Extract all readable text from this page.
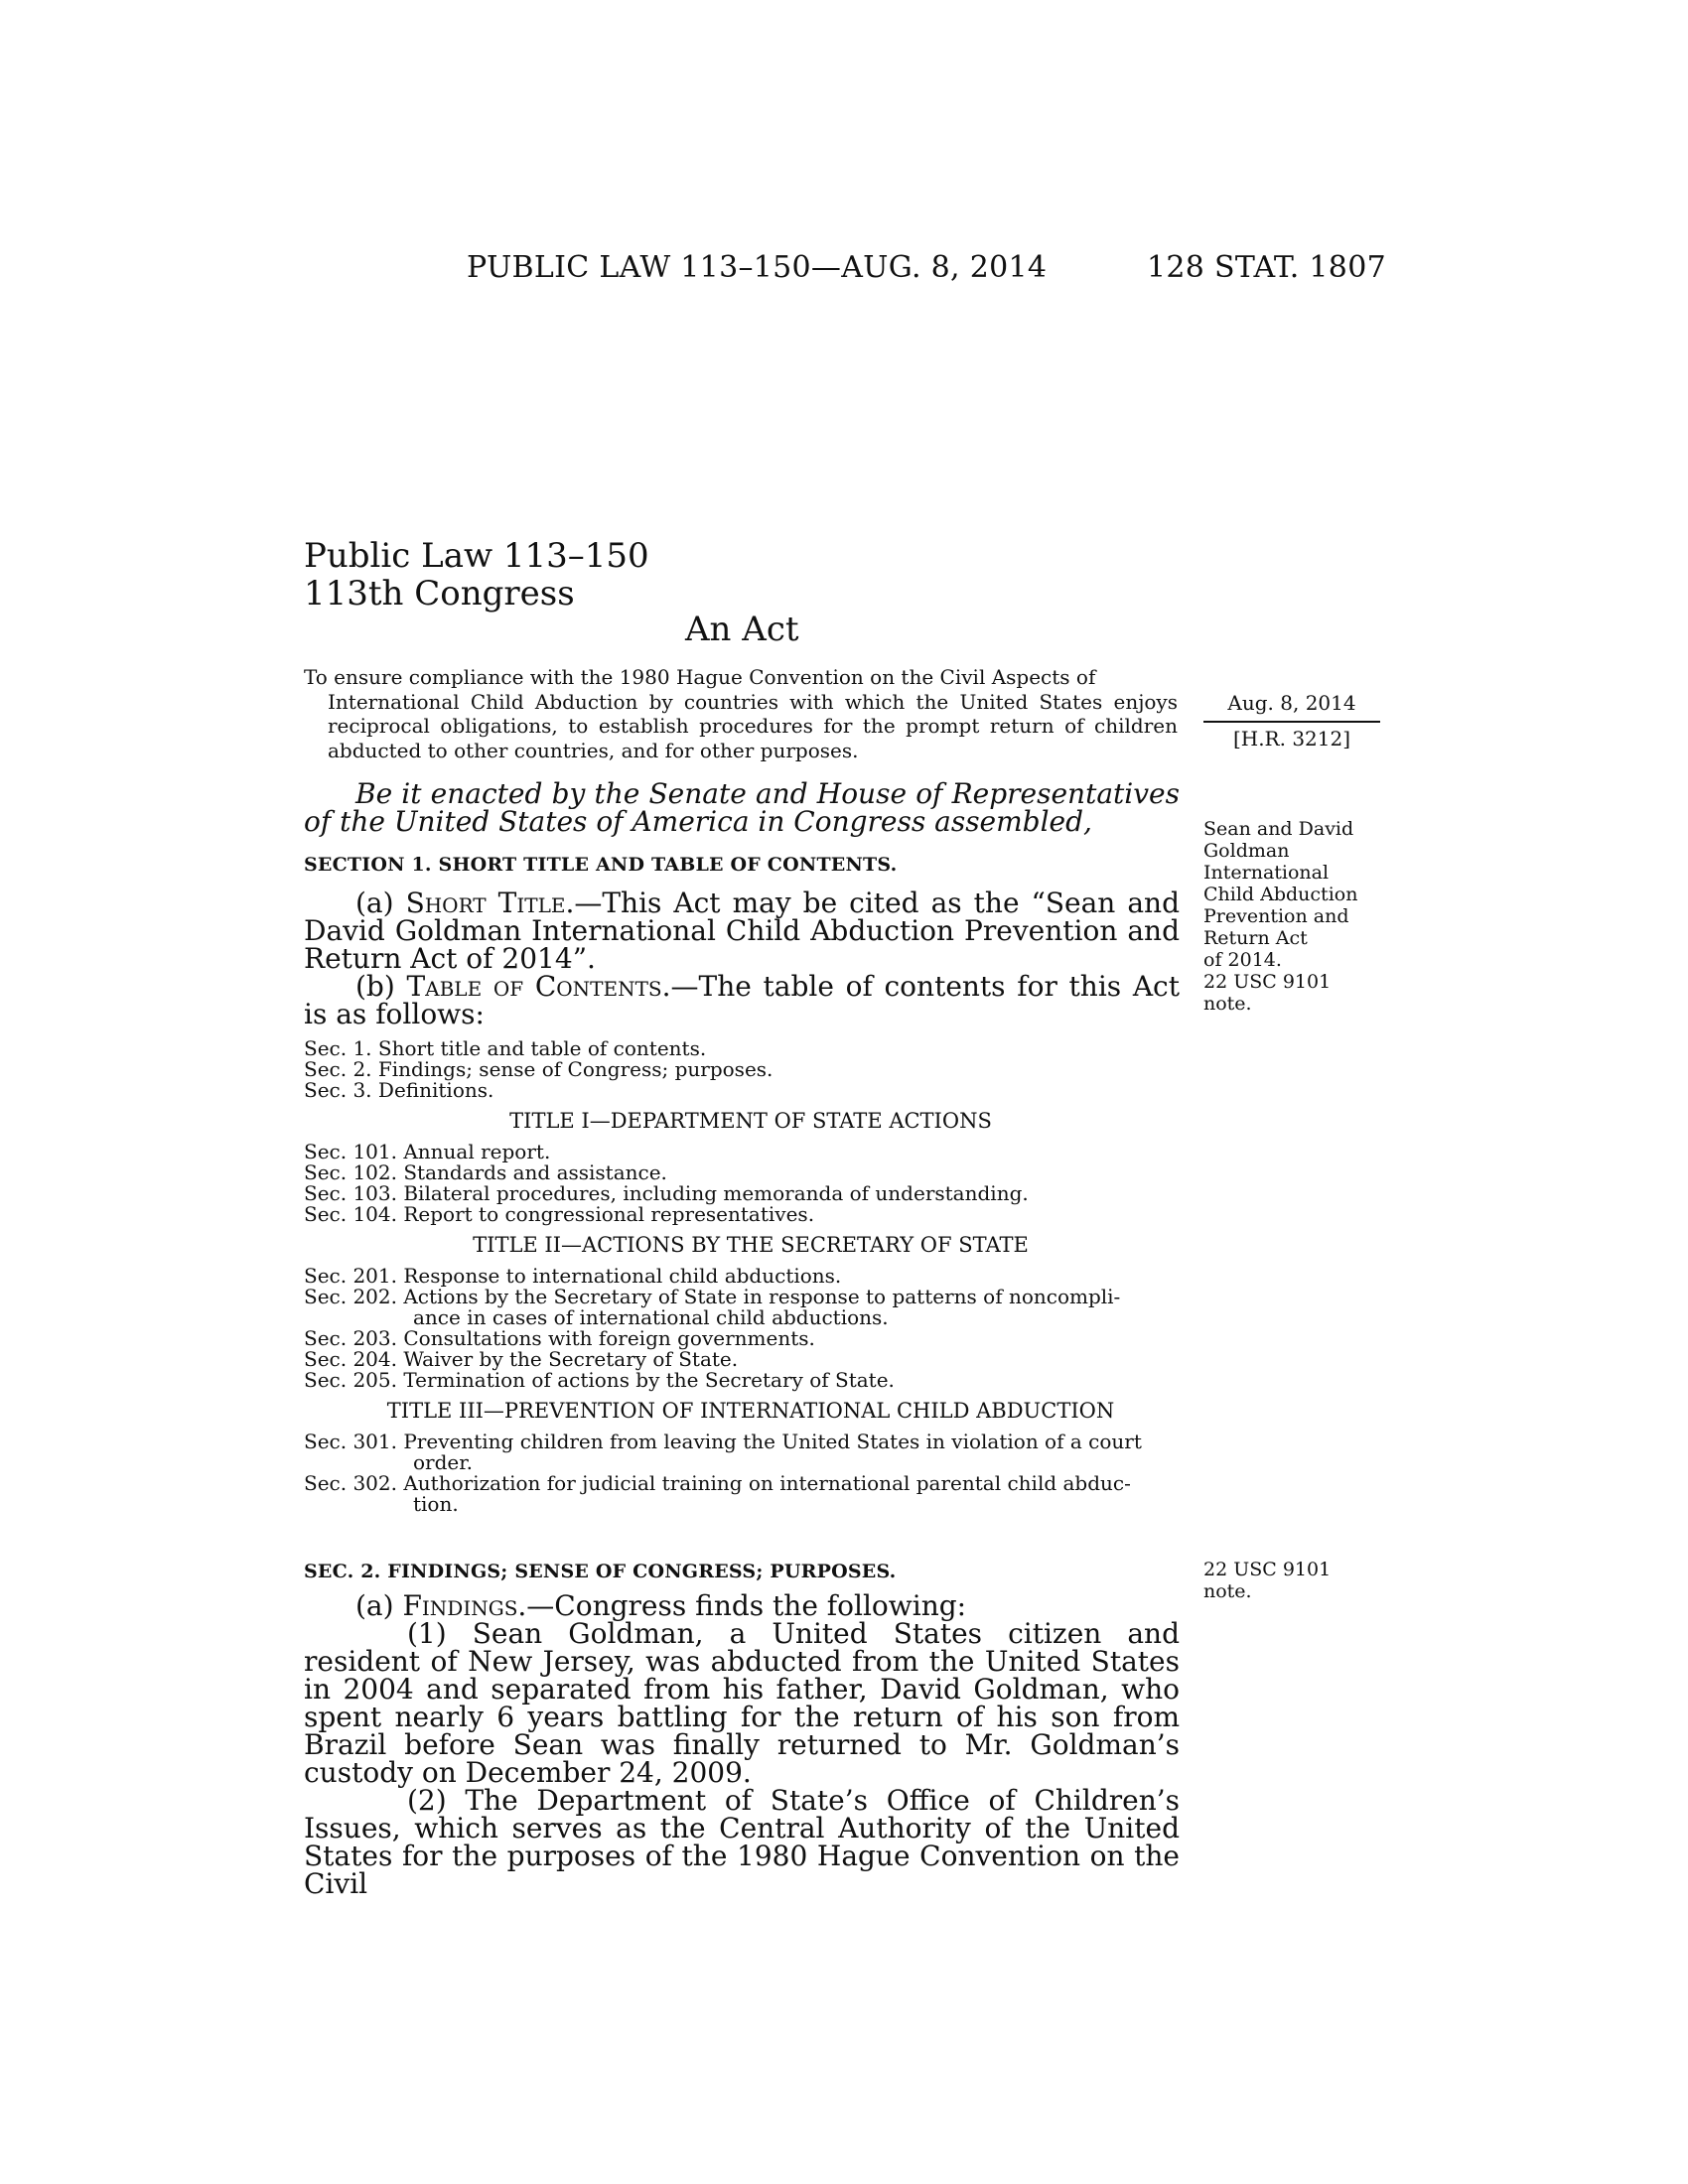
PUBLIC LAW 113–150—AUG. 8, 2014	128 STAT. 1807
Public Law 113–150
113th Congress
An Act
To ensure compliance with the 1980 Hague Convention on the Civil Aspects of
International Child Abduction by countries with which the United States enjoys reciprocal obligations, to establish procedures for the prompt return of children abducted to other countries, and for other purposes.
Aug. 8, 2014
[H.R. 3212]
Sean and David
Goldman
International
Child Abduction
Prevention and
Return Act
of 2014.
22 USC 9101
note.
Be it enacted by the Senate and House of Representatives of the United States of America in Congress assembled,
SECTION 1. SHORT TITLE AND TABLE OF CONTENTS.
(a) Short Title.—This Act may be cited as the “Sean and David Goldman International Child Abduction Prevention and Return Act of 2014”.
(b) Table of Contents.—The table of contents for this Act is as follows:
Sec. 1. Short title and table of contents.
Sec. 2. Findings; sense of Congress; purposes.
Sec. 3. Definitions.
TITLE I—DEPARTMENT OF STATE ACTIONS
Sec. 101. Annual report.
Sec. 102. Standards and assistance.
Sec. 103. Bilateral procedures, including memoranda of understanding.
Sec. 104. Report to congressional representatives.
TITLE II—ACTIONS BY THE SECRETARY OF STATE
Sec. 201. Response to international child abductions.
Sec. 202. Actions by the Secretary of State in response to patterns of noncompli-
ance in cases of international child abductions.
Sec. 203. Consultations with foreign governments.
Sec. 204. Waiver by the Secretary of State.
Sec. 205. Termination of actions by the Secretary of State.
TITLE III—PREVENTION OF INTERNATIONAL CHILD ABDUCTION
Sec. 301. Preventing children from leaving the United States in violation of a court
order.
Sec. 302. Authorization for judicial training on international parental child abduc-
tion.
SEC. 2. FINDINGS; SENSE OF CONGRESS; PURPOSES.	22 USC 9101
note.
(a) Findings.—Congress finds the following:
(1) Sean Goldman, a United States citizen and resident of New Jersey, was abducted from the United States in 2004 and separated from his father, David Goldman, who spent nearly 6 years battling for the return of his son from Brazil before Sean was finally returned to Mr. Goldman’s custody on December 24, 2009.
(2) The Department of State’s Office of Children’s Issues, which serves as the Central Authority of the United States for the purposes of the 1980 Hague Convention on the Civil
